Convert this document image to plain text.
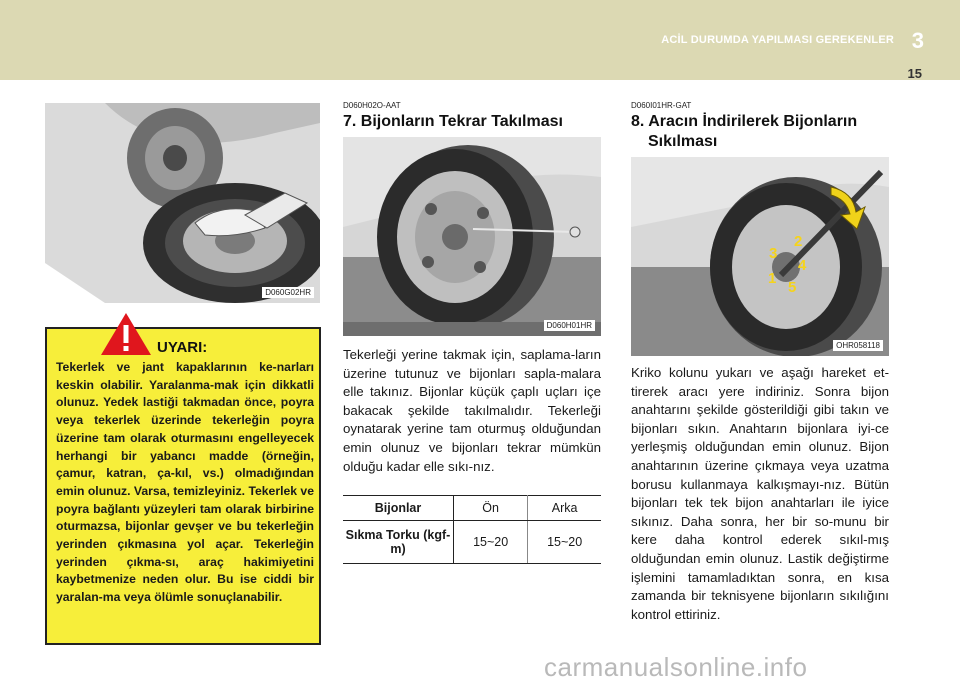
ACİL DURUMDA YAPILMASI GEREKENLER 3
15
D060G02HR
UYARI:
Tekerlek ve jant kapaklarının ke-narları keskin olabilir. Yaralanma-mak için dikkatli olunuz. Yedek lastiği takmadan önce, poyra veya tekerlek üzerinde tekerleğin poyra üzerine tam olarak oturmasını engelleyecek herhangi bir yabancı madde (örneğin, çamur, katran, ça-kıl, vs.) olmadığından emin olunuz. Varsa, temizleyiniz. Tekerlek ve poyra bağlantı yüzeyleri tam olarak birbirine oturmazsa, bijonlar gevşer ve bu tekerleğin yerinden çıkmasına yol açar. Tekerleğin yerinden çıkma-sı, araç hakimiyetini kaybetmenize neden olur. Bu ise ciddi bir yaralan-ma veya ölümle sonuçlanabilir.
D060H02O-AAT
7. Bijonların Tekrar Takılması
D060H01HR
Tekerleği yerine takmak için, saplama-ların üzerine tutunuz ve bijonları sapla-malara elle takınız. Bijonlar küçük çaplı uçları içe bakacak şekilde takılmalıdır. Tekerleği oynatarak yerine tam oturmuş olduğundan emin olunuz ve bijonları tekrar mümkün olduğu kadar elle sıkı-nız.
Bijonlar	Ön	Arka
Sıkma Torku (kgf-m)	15~20	15~20
D060I01HR-GAT
8. Aracın İndirilerek Bijonların
Sıkılması
2
3
4
1
5
OHR058118
Kriko kolunu yukarı ve aşağı hareket et-tirerek aracı yere indiriniz. Sonra bijon anahtarını şekilde gösterildiği gibi takın ve bijonları sıkın. Anahtarın bijonlara iyi-ce yerleşmiş olduğundan emin olunuz. Bijon anahtarının üzerine çıkmaya veya uzatma borusu kullanmaya kalkışmayı-nız. Bütün bijonları tek tek bijon anahtarları ile iyice sıkınız. Daha sonra, her bir so-munu bir kere daha kontrol ederek sıkıl-mış olduğundan emin olunuz. Lastik değiştirme işlemini tamamladıktan sonra, en kısa zamanda bir teknisyene bijonların sıkılığını kontrol ettiriniz.
carmanualsonline.info
